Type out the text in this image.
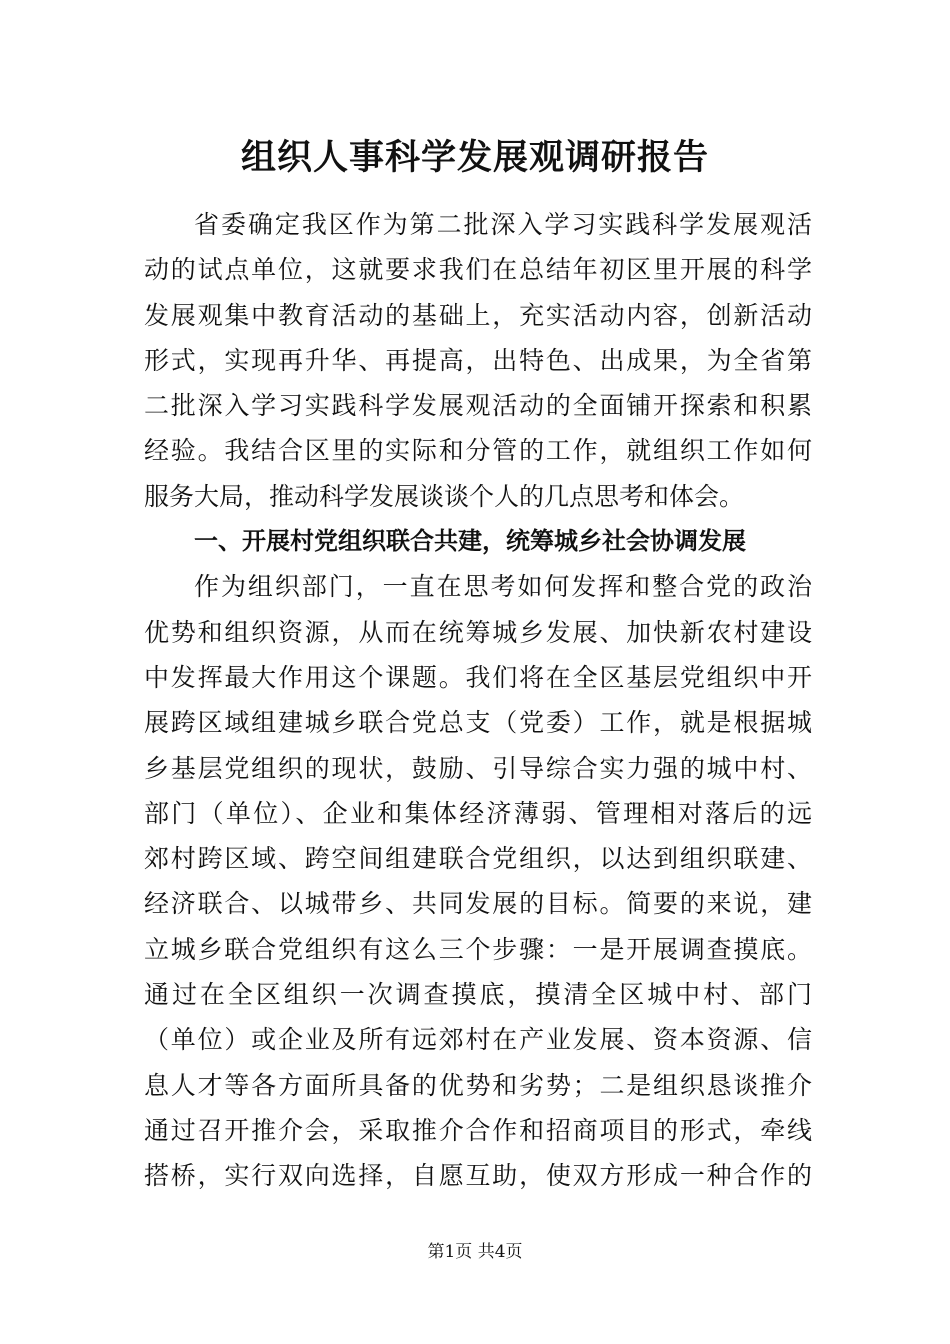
组织人事科学发展观调研报告
省委确定我区作为第二批深入学习实践科学发展观活
动的试点单位，这就要求我们在总结年初区里开展的科学
发展观集中教育活动的基础上，充实活动内容，创新活动
形式，实现再升华、再提高，出特色、出成果，为全省第
二批深入学习实践科学发展观活动的全面铺开探索和积累
经验。我结合区里的实际和分管的工作，就组织工作如何
服务大局，推动科学发展谈谈个人的几点思考和体会。
一、开展村党组织联合共建，统筹城乡社会协调发展
作为组织部门，一直在思考如何发挥和整合党的政治
优势和组织资源，从而在统筹城乡发展、加快新农村建设
中发挥最大作用这个课题。我们将在全区基层党组织中开
展跨区域组建城乡联合党总支（党委）工作，就是根据城
乡基层党组织的现状，鼓励、引导综合实力强的城中村、
部门（单位）、企业和集体经济薄弱、管理相对落后的远
郊村跨区域、跨空间组建联合党组织，以达到组织联建、
经济联合、以城带乡、共同发展的目标。简要的来说，建
立城乡联合党组织有这么三个步骤：一是开展调查摸底。
通过在全区组织一次调查摸底，摸清全区城中村、部门
（单位）或企业及所有远郊村在产业发展、资本资源、信
息人才等各方面所具备的优势和劣势；二是组织恳谈推介
通过召开推介会，采取推介合作和招商项目的形式，牵线
搭桥，实行双向选择，自愿互助，使双方形成一种合作的
第1页 共4页
